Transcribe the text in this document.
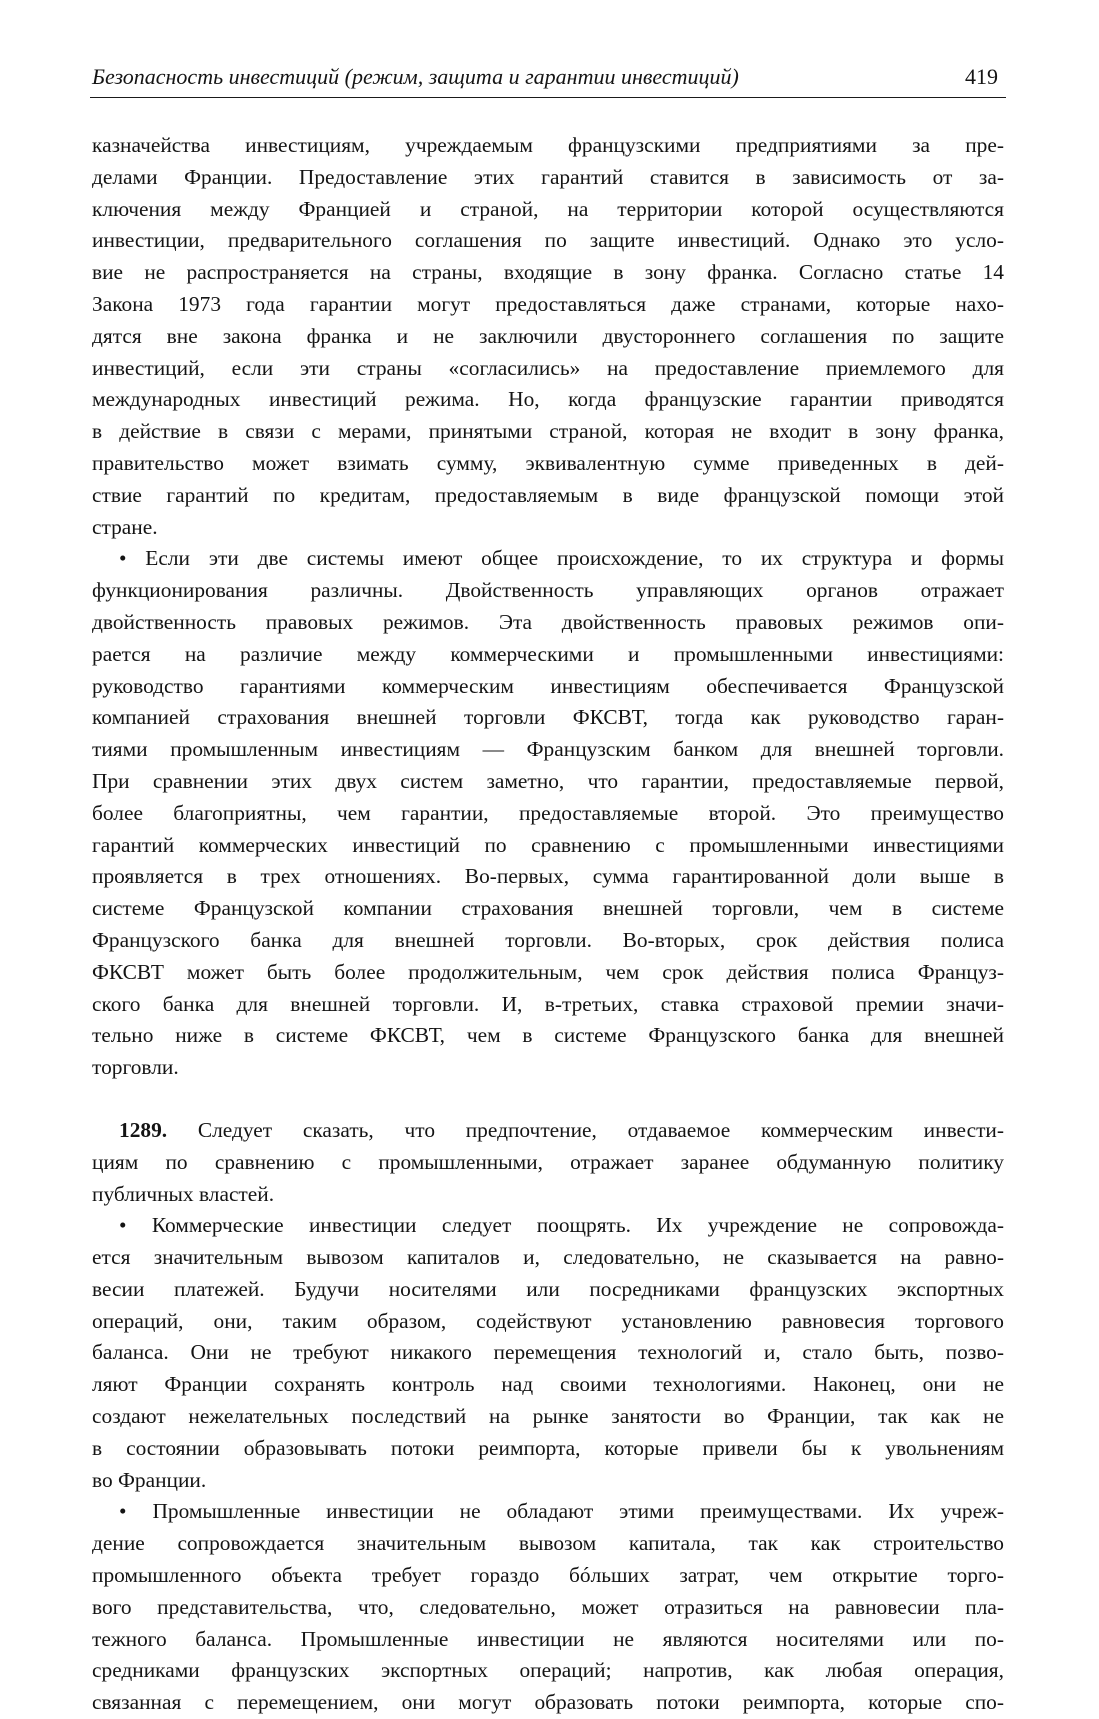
Безопасность инвестиций (режим, защита и гарантии инвестиций)	419

казначейства инвестициям, учреждаемым французскими предприятиями за пре-
делами Франции. Предоставление этих гарантий ставится в зависимость от за-
ключения между Францией и страной, на территории которой осуществляются
инвестиции, предварительного соглашения по защите инвестиций. Однако это усло-
вие не распространяется на страны, входящие в зону франка. Согласно статье 14
Закона 1973 года гарантии могут предоставляться даже странами, которые нахо-
дятся вне закона франка и не заключили двустороннего соглашения по защите
инвестиций, если эти страны «согласились» на предоставление приемлемого для
международных инвестиций режима. Но, когда французские гарантии приводятся
в действие в связи с мерами, принятыми страной, которая не входит в зону франка,
правительство может взимать сумму, эквивалентную сумме приведенных в дей-
ствие гарантий по кредитам, предоставляемым в виде французской помощи этой
стране.

• Если эти две системы имеют общее происхождение, то их структура и формы
функционирования различны. Двойственность управляющих органов отражает
двойственность правовых режимов. Эта двойственность правовых режимов опи-
рается на различие между коммерческими и промышленными инвестициями:
руководство гарантиями коммерческим инвестициям обеспечивается Французской
компанией страхования внешней торговли ФКСВТ, тогда как руководство гаран-
тиями промышленным инвестициям — Французским банком для внешней торговли.
При сравнении этих двух систем заметно, что гарантии, предоставляемые первой,
более благоприятны, чем гарантии, предоставляемые второй. Это преимущество
гарантий коммерческих инвестиций по сравнению с промышленными инвестициями
проявляется в трех отношениях. Во-первых, сумма гарантированной доли выше в
системе Французской компании страхования внешней торговли, чем в системе
Французского банка для внешней торговли. Во-вторых, срок действия полиса
ФКСВТ может быть более продолжительным, чем срок действия полиса Француз-
ского банка для внешней торговли. И, в-третьих, ставка страховой премии значи-
тельно ниже в системе ФКСВТ, чем в системе Французского банка для внешней
торговли.

1289. Следует сказать, что предпочтение, отдаваемое коммерческим инвести-
циям по сравнению с промышленными, отражает заранее обдуманную политику
публичных властей.

• Коммерческие инвестиции следует поощрять. Их учреждение не сопровожда-
ется значительным вывозом капиталов и, следовательно, не сказывается на равно-
весии платежей. Будучи носителями или посредниками французских экспортных
операций, они, таким образом, содействуют установлению равновесия торгового
баланса. Они не требуют никакого перемещения технологий и, стало быть, позво-
ляют Франции сохранять контроль над своими технологиями. Наконец, они не
создают нежелательных последствий на рынке занятости во Франции, так как не
в состоянии образовывать потоки реимпорта, которые привели бы к увольнениям
во Франции.

• Промышленные инвестиции не обладают этими преимуществами. Их учреж-
дение сопровождается значительным вывозом капитала, так как строительство
промышленного объекта требует гораздо бóльших затрат, чем открытие торго-
вого представительства, что, следовательно, может отразиться на равновесии пла-
тежного баланса. Промышленные инвестиции не являются носителями или по-
средниками французских экспортных операций; напротив, как любая операция,
связанная с перемещением, они могут образовать потоки реимпорта, которые спо-
